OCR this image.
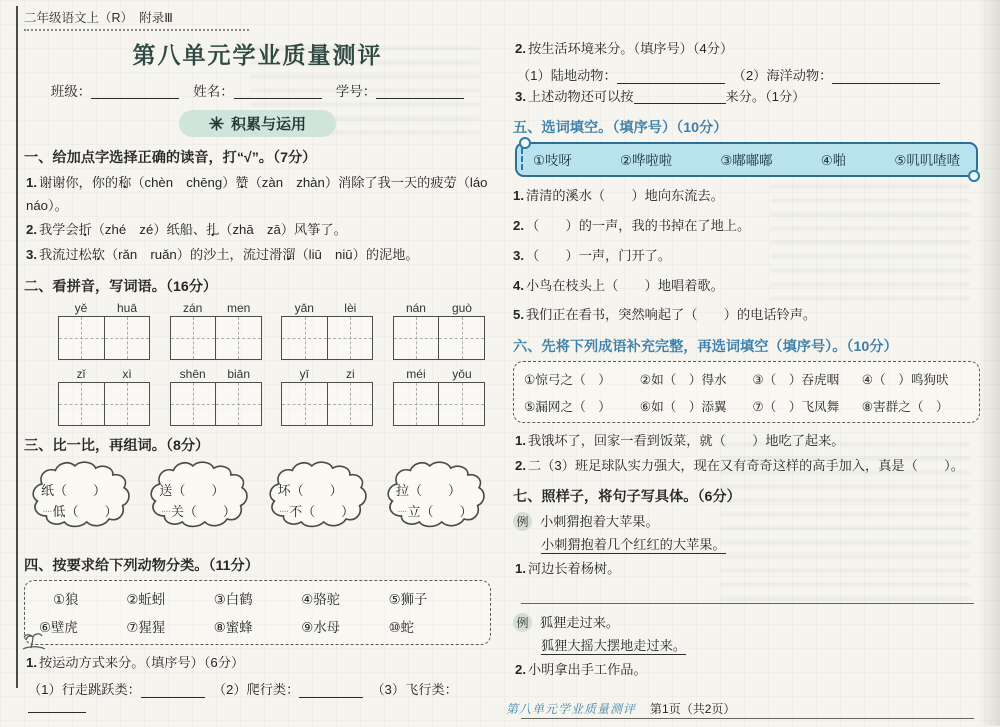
二年级语文上（R）　附录Ⅲ
第八单元学业质量测评
班级：	姓名：	学号：
积累与运用
一、给加点字选择正确的读音，打“√”。（7分）
1. 谢谢你，你的称（chèn　chēng）赞（zàn　zhàn）消除了我一天的疲劳（láo　náo）。
2. 我学会折（zhé　zé）纸船、扎（zhā　zā）风筝了。
3. 我流过松软（rǎn　ruǎn）的沙土，流过滑溜（liū　niū）的泥地。
二、看拼音，写词语。（16分）
yě	huā	zán	men	yǎn	lèi	nán	guò
zǐ	xì	shēn	biān	yī	zi	méi	yǒu
三、比一比，再组词。（8分）
纸（　　）
᠁低（　　）
送（　　）
᠁关（　　）
坏（　　）
᠁不（　　）
拉（　　）
᠁立（　　）
四、按要求给下列动物分类。（11分）
①狼	②蚯蚓	③白鹤	④骆驼	⑤狮子
⑥壁虎	⑦猩猩	⑧蜜蜂	⑨水母	⑩蛇
1. 按运动方式来分。（填序号）（6分）
（1）行走跳跃类：	（2）爬行类：	（3）飞行类：
2. 按生活环境来分。（填序号）（4分）
（1）陆地动物：	（2）海洋动物：
3. 上述动物还可以按	来分。（1分）
五、选词填空。（填序号）（10分）
①吱呀	②哗啦啦	③嘟嘟嘟	④啪	⑤叽叽喳喳
1. 清清的溪水（　　）地向东流去。
2. （　　）的一声，我的书掉在了地上。
3. （　　）一声，门开了。
4. 小鸟在枝头上（　　）地唱着歌。
5. 我们正在看书，突然响起了（　　）的电话铃声。
六、先将下列成语补充完整，再选词填空（填序号）。（10分）
①惊弓之（　）	②如（　）得水	③（　）吞虎咽	④（　）鸣狗吠
⑤漏网之（　）	⑥如（　）添翼	⑦（　）飞凤舞	⑧害群之（　）
1. 我饿坏了，回家一看到饭菜，就（　　）地吃了起来。
2. 二（3）班足球队实力强大，现在又有奇奇这样的高手加入，真是（　　）。
七、照样子，将句子写具体。（6分）
例 小刺猬抱着大苹果。
小刺猬抱着几个红红的大苹果。
1. 河边长着杨树。
例 狐狸走过来。
狐狸大摇大摆地走过来。
2. 小明拿出手工作品。
第八单元学业质量测评 第1页（共2页）
